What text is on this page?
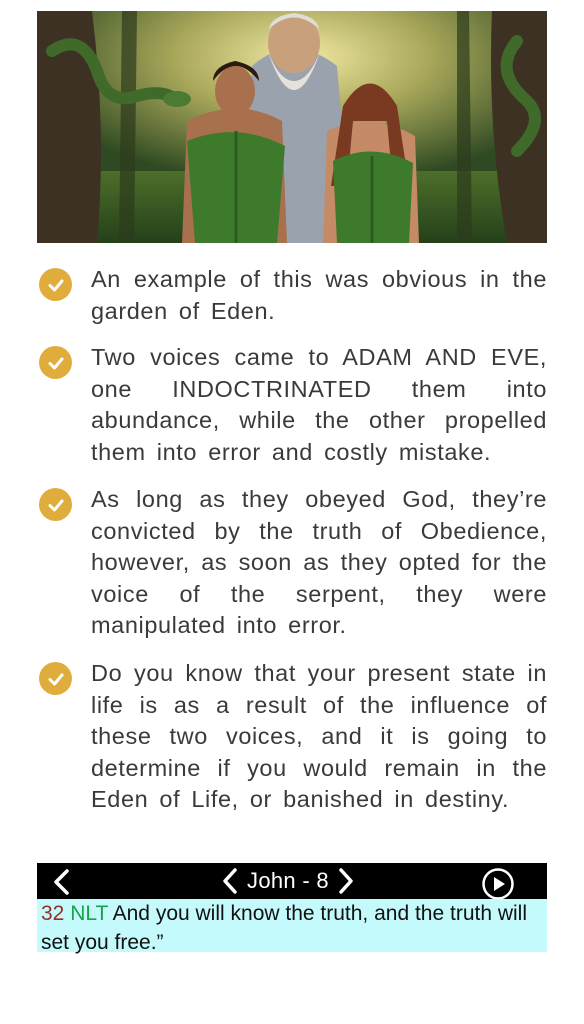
An example of this was obvious in the garden of Eden.

Two voices came to ADAM AND EVE, one INDOCTRINATED them into abundance, while the other propelled them into error and costly mistake.

As long as they obeyed God, they’re convicted by the truth of Obedience, however, as soon as they opted for the voice of the serpent, they were manipulated into error.

Do you know that your present state in life is as a result of the influence of these two voices, and it is going to determine if you would remain in the Eden of Life, or banished in destiny.

John - 8
32 NLT And you will know the truth, and the truth will set you free.”
